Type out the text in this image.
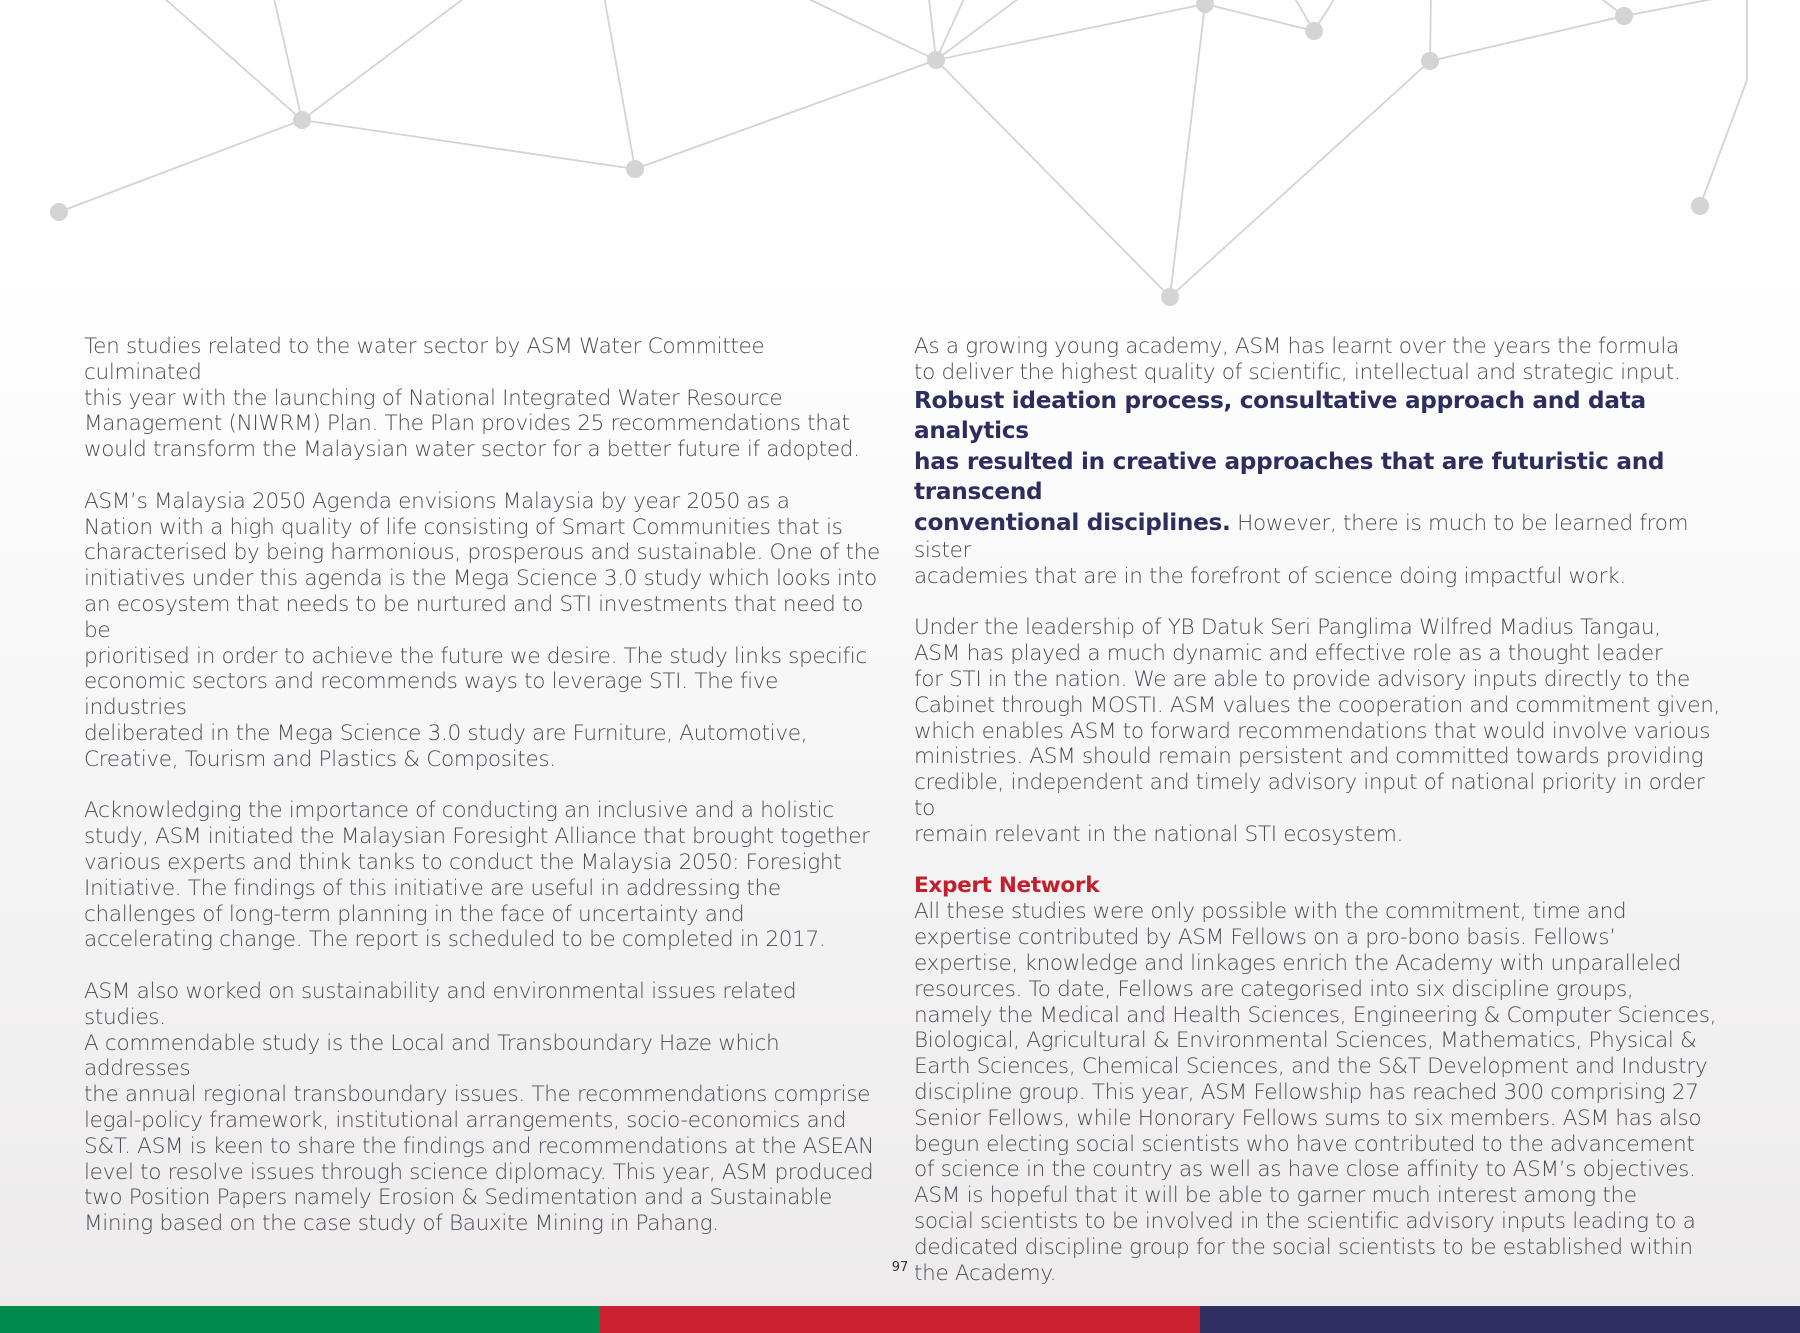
Ten studies related to the water sector by ASM Water Committee culminated
this year with the launching of National Integrated Water Resource
Management (NIWRM) Plan. The Plan provides 25 recommendations that
would transform the Malaysian water sector for a better future if adopted.

ASM’s Malaysia 2050 Agenda envisions Malaysia by year 2050 as a
Nation with a high quality of life consisting of Smart Communities that is
characterised by being harmonious, prosperous and sustainable. One of the
initiatives under this agenda is the Mega Science 3.0 study which looks into
an ecosystem that needs to be nurtured and STI investments that need to be
prioritised in order to achieve the future we desire. The study links specific
economic sectors and recommends ways to leverage STI. The five industries
deliberated in the Mega Science 3.0 study are Furniture, Automotive,
Creative, Tourism and Plastics & Composites.

Acknowledging the importance of conducting an inclusive and a holistic
study, ASM initiated the Malaysian Foresight Alliance that brought together
various experts and think tanks to conduct the Malaysia 2050: Foresight
Initiative. The findings of this initiative are useful in addressing the
challenges of long-term planning in the face of uncertainty and
accelerating change. The report is scheduled to be completed in 2017.

ASM also worked on sustainability and environmental issues related studies.
A commendable study is the Local and Transboundary Haze which addresses
the annual regional transboundary issues. The recommendations comprise
legal-policy framework, institutional arrangements, socio-economics and
S&T. ASM is keen to share the findings and recommendations at the ASEAN
level to resolve issues through science diplomacy. This year, ASM produced
two Position Papers namely Erosion & Sedimentation and a Sustainable
Mining based on the case study of Bauxite Mining in Pahang.

As a growing young academy, ASM has learnt over the years the formula
to deliver the highest quality of scientific, intellectual and strategic input.

Robust ideation process, consultative approach and data analytics
has resulted in creative approaches that are futuristic and transcend
conventional disciplines. However, there is much to be learned from sister
academies that are in the forefront of science doing impactful work.

Under the leadership of YB Datuk Seri Panglima Wilfred Madius Tangau,
ASM has played a much dynamic and effective role as a thought leader
for STI in the nation. We are able to provide advisory inputs directly to the
Cabinet through MOSTI. ASM values the cooperation and commitment given,
which enables ASM to forward recommendations that would involve various
ministries. ASM should remain persistent and committed towards providing
credible, independent and timely advisory input of national priority in order to
remain relevant in the national STI ecosystem.

Expert Network

All these studies were only possible with the commitment, time and
expertise contributed by ASM Fellows on a pro-bono basis. Fellows’
expertise, knowledge and linkages enrich the Academy with unparalleled
resources. To date, Fellows are categorised into six discipline groups,
namely the Medical and Health Sciences, Engineering & Computer Sciences,
Biological, Agricultural & Environmental Sciences, Mathematics, Physical &
Earth Sciences, Chemical Sciences, and the S&T Development and Industry
discipline group. This year, ASM Fellowship has reached 300 comprising 27
Senior Fellows, while Honorary Fellows sums to six members. ASM has also
begun electing social scientists who have contributed to the advancement
of science in the country as well as have close affinity to ASM’s objectives.
ASM is hopeful that it will be able to garner much interest among the
social scientists to be involved in the scientific advisory inputs leading to a
dedicated discipline group for the social scientists to be established within
the Academy.

97
